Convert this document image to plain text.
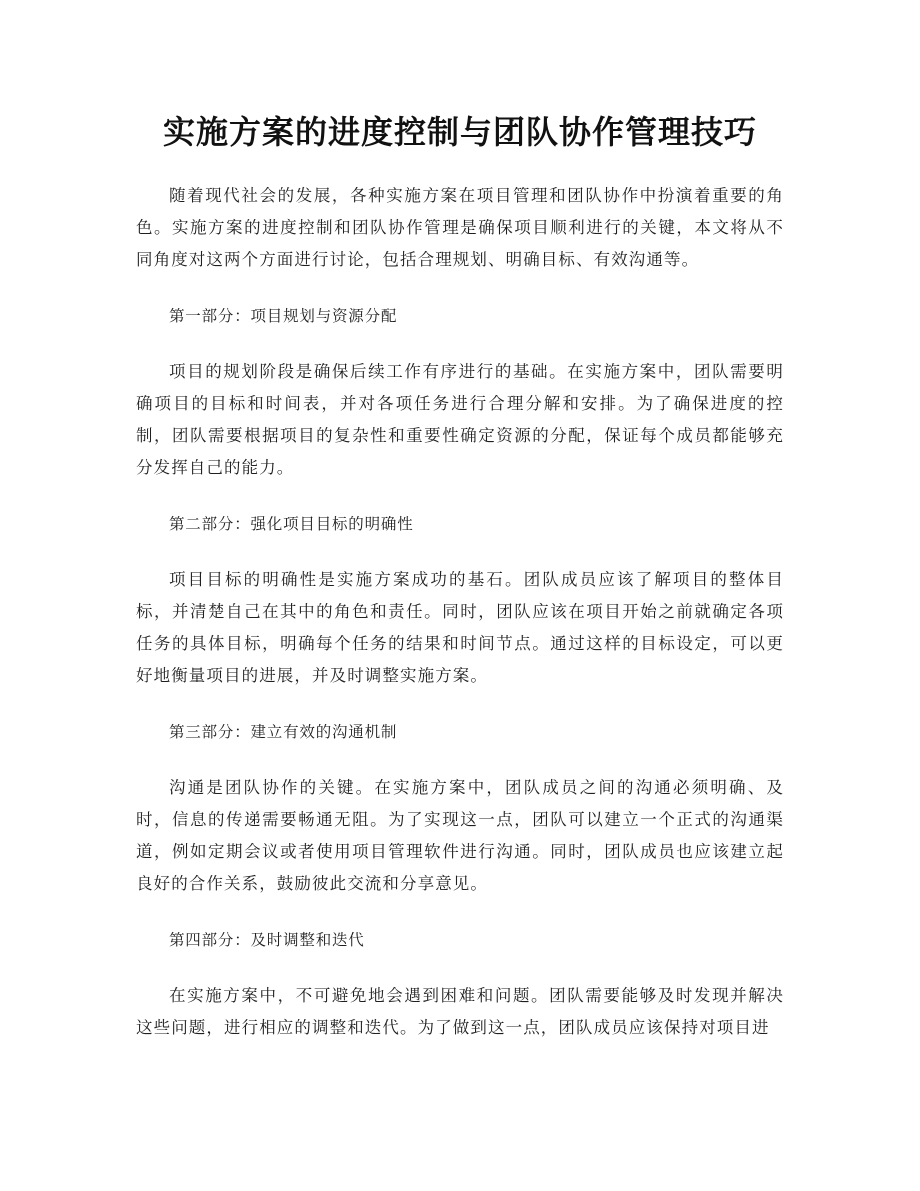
实施方案的进度控制与团队协作管理技巧

随着现代社会的发展，各种实施方案在项目管理和团队协作中扮演着重要的角色。实施方案的进度控制和团队协作管理是确保项目顺利进行的关键，本文将从不同角度对这两个方面进行讨论，包括合理规划、明确目标、有效沟通等。

第一部分：项目规划与资源分配

项目的规划阶段是确保后续工作有序进行的基础。在实施方案中，团队需要明确项目的目标和时间表，并对各项任务进行合理分解和安排。为了确保进度的控制，团队需要根据项目的复杂性和重要性确定资源的分配，保证每个成员都能够充分发挥自己的能力。

第二部分：强化项目目标的明确性

项目目标的明确性是实施方案成功的基石。团队成员应该了解项目的整体目标，并清楚自己在其中的角色和责任。同时，团队应该在项目开始之前就确定各项任务的具体目标，明确每个任务的结果和时间节点。通过这样的目标设定，可以更好地衡量项目的进展，并及时调整实施方案。

第三部分：建立有效的沟通机制

沟通是团队协作的关键。在实施方案中，团队成员之间的沟通必须明确、及时，信息的传递需要畅通无阻。为了实现这一点，团队可以建立一个正式的沟通渠道，例如定期会议或者使用项目管理软件进行沟通。同时，团队成员也应该建立起良好的合作关系，鼓励彼此交流和分享意见。

第四部分：及时调整和迭代

在实施方案中，不可避免地会遇到困难和问题。团队需要能够及时发现并解决这些问题，进行相应的调整和迭代。为了做到这一点，团队成员应该保持对项目进
